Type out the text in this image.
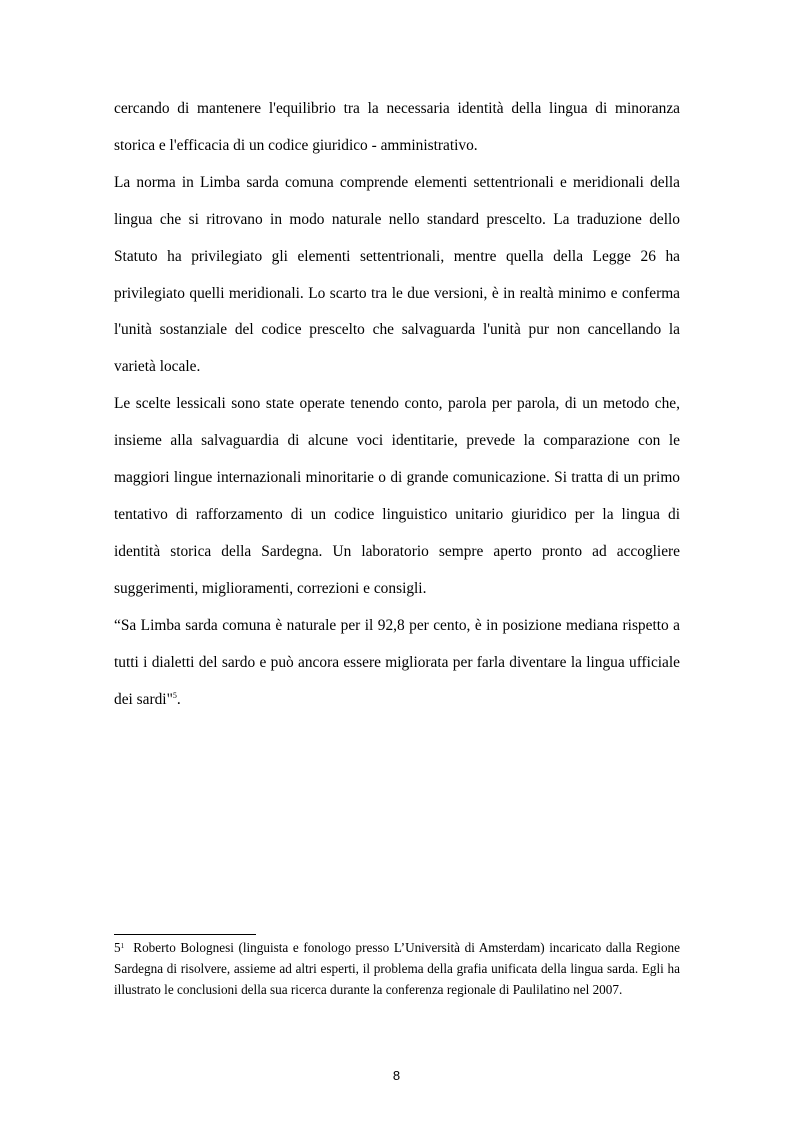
cercando di mantenere l'equilibrio tra la necessaria identità della lingua di minoranza storica e l'efficacia di un codice giuridico - amministrativo.

La norma in Limba sarda comuna comprende elementi settentrionali e meridionali della lingua che si ritrovano in modo naturale nello standard prescelto. La traduzione dello Statuto ha privilegiato gli elementi settentrionali, mentre quella della Legge 26 ha privilegiato quelli meridionali. Lo scarto tra le due versioni, è in realtà minimo e conferma l'unità sostanziale del codice prescelto che salvaguarda l'unità pur non cancellando la varietà locale.

Le scelte lessicali sono state operate tenendo conto, parola per parola, di un metodo che, insieme alla salvaguardia di alcune voci identitarie, prevede la comparazione con le maggiori lingue internazionali minoritarie o di grande comunicazione. Si tratta di un primo tentativo di rafforzamento di un codice linguistico unitario giuridico per la lingua di identità storica della Sardegna. Un laboratorio sempre aperto pronto ad accogliere suggerimenti, miglioramenti, correzioni e consigli.

“Sa Limba sarda comuna è naturale per il 92,8 per cento, è in posizione mediana rispetto a tutti i dialetti del sardo e può ancora essere migliorata per farla diventare la lingua ufficiale dei sardi"$^5$.

$5^1$ Roberto Bolognesi (linguista e fonologo presso L’Università di Amsterdam) incaricato dalla Regione Sardegna di risolvere, assieme ad altri esperti, il problema della grafia unificata della lingua sarda. Egli ha illustrato le conclusioni della sua ricerca durante la conferenza regionale di Paulilatino nel 2007.

8
